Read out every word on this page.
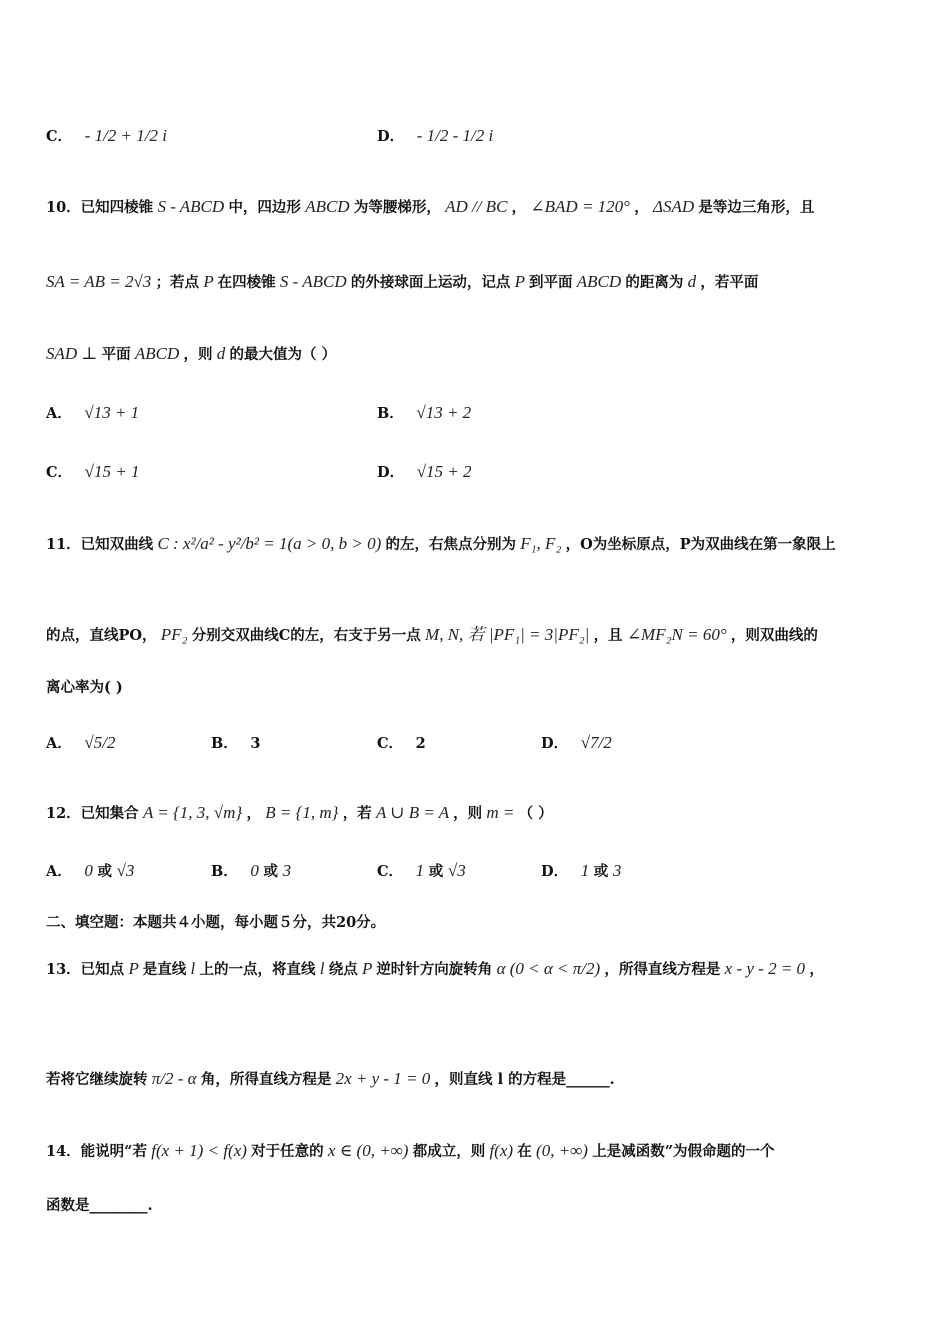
C． - 1/2 + 1/2 i	D． - 1/2 - 1/2 i
10．已知四棱锥 S - ABCD 中，四边形 ABCD 为等腰梯形， AD // BC ， ∠BAD = 120° ， ΔSAD 是等边三角形，且
SA = AB = 2√3 ；若点 P 在四棱锥 S - ABCD 的外接球面上运动，记点 P 到平面 ABCD 的距离为 d ，若平面
SAD ⊥ 平面 ABCD ，则 d 的最大值为（ ）
A． √13 + 1	B． √13 + 2
C． √15 + 1	D． √15 + 2
11．已知双曲线 C : x²/a² - y²/b² = 1(a > 0, b > 0) 的左，右焦点分别为 F₁, F₂ ，O为坐标原点，P为双曲线在第一象限上
的点，直线PO， PF₂ 分别交双曲线C的左，右支于另一点 M, N, 若 |PF₁| = 3|PF₂| ，且 ∠MF₂N = 60° ，则双曲线的
离心率为( )
A． √5/2	B． 3	C． 2	D． √7/2
12．已知集合 A = {1, 3, √m} ， B = {1, m} ，若 A ∪ B = A ，则 m = （ ）
A． 0 或 √3	B． 0 或 3	C． 1 或 √3	D． 1 或 3
二、填空题：本题共４小题，每小题５分，共20分。
13．已知点 P 是直线 l 上的一点，将直线 l 绕点 P 逆时针方向旋转角 α (0 < α < π/2) ，所得直线方程是 x - y - 2 = 0 ，
若将它继续旋转 π/2 - α 角，所得直线方程是 2x + y - 1 = 0 ，则直线 l 的方程是______.
14．能说明“若 f(x + 1) < f(x) 对于任意的 x ∈ (0, +∞) 都成立，则 f(x) 在 (0, +∞) 上是减函数”为假命题的一个
函数是________.
